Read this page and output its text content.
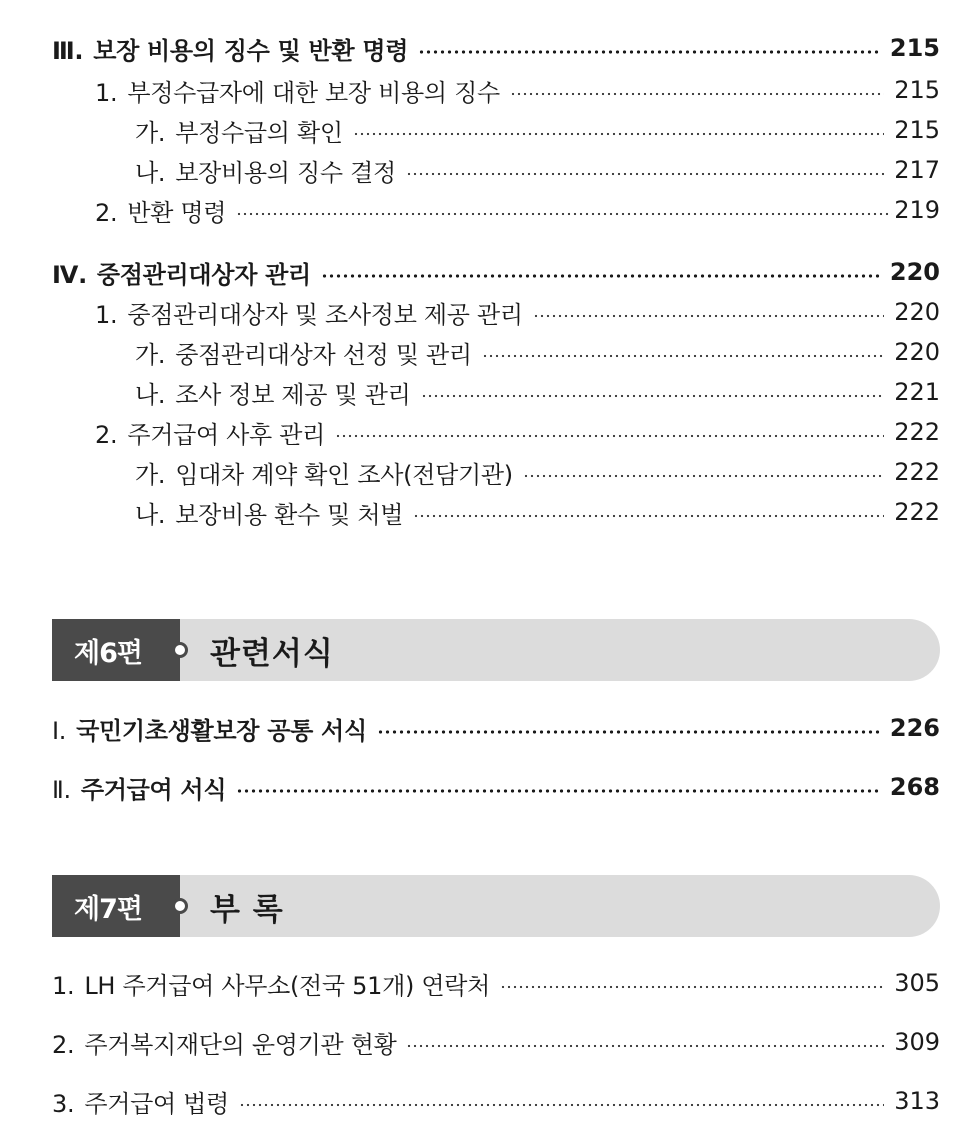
Ⅲ. 보장 비용의 징수 및 반환 명령	215
1. 부정수급자에 대한 보장 비용의 징수	215
가. 부정수급의 확인	215
나. 보장비용의 징수 결정	217
2. 반환 명령	219
Ⅳ. 중점관리대상자 관리	220
1. 중점관리대상자 및 조사정보 제공 관리	220
가. 중점관리대상자 선정 및 관리	220
나. 조사 정보 제공 및 관리	221
2. 주거급여 사후 관리	222
가. 임대차 계약 확인 조사(전담기관)	222
나. 보장비용 환수 및 처벌	222
제6편 관련서식
Ⅰ. 국민기초생활보장 공통 서식	226
Ⅱ. 주거급여 서식	268
제7편 부 록
1. LH 주거급여 사무소(전국 51개) 연락처	305
2. 주거복지재단의 운영기관 현황	309
3. 주거급여 법령	313
